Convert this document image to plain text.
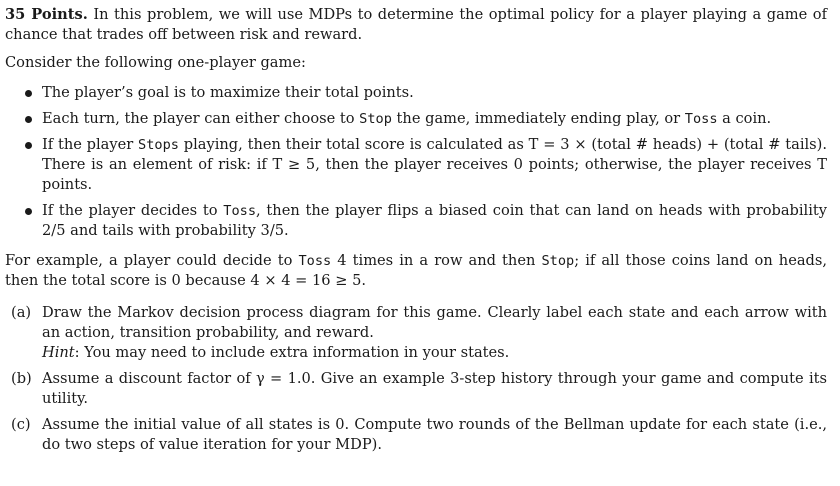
35 Points. In this problem, we will use MDPs to determine the optimal policy for a player playing a game of chance that trades off between risk and reward.

Consider the following one-player game:

The player’s goal is to maximize their total points.
Each turn, the player can either choose to Stop the game, immediately ending play, or Toss a coin.
If the player Stops playing, then their total score is calculated as T = 3 × (total # heads) + (total # tails). There is an element of risk: if T ≥ 5, then the player receives 0 points; otherwise, the player receives T points.
If the player decides to Toss, then the player flips a biased coin that can land on heads with probability 2/5 and tails with probability 3/5.

For example, a player could decide to Toss 4 times in a row and then Stop; if all those coins land on heads, then the total score is 0 because 4 × 4 = 16 ≥ 5.

(a) Draw the Markov decision process diagram for this game. Clearly label each state and each arrow with an action, transition probability, and reward.
Hint: You may need to include extra information in your states.
(b) Assume a discount factor of γ = 1.0. Give an example 3-step history through your game and compute its utility.
(c) Assume the initial value of all states is 0. Compute two rounds of the Bellman update for each state (i.e., do two steps of value iteration for your MDP).
